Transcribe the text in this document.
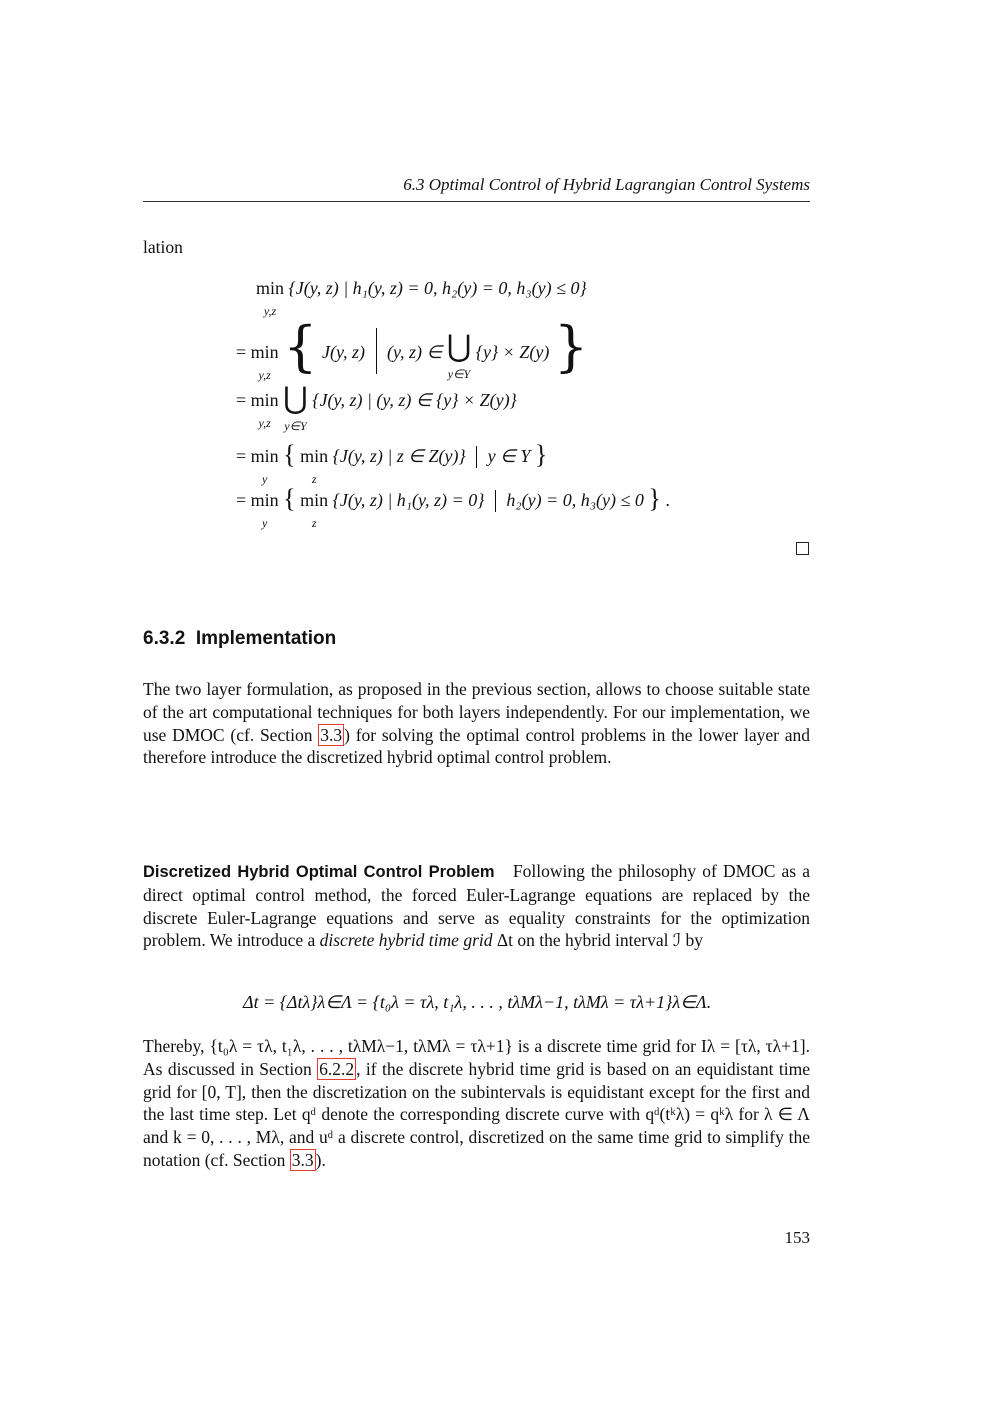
6.3 Optimal Control of Hybrid Lagrangian Control Systems
lation
min
y,z {J(y, z) | h₁(y, z) = 0, h₂(y) = 0, h₃(y) ≤ 0}
= min
y,z { J(y, z) (y, z) ∈ ⋃
y∈Y {y} × Z(y) }
= min
y,z ⋃
y∈Y {J(y, z) | (y, z) ∈ {y} × Z(y)}
= min
y { min
z {J(y, z) | z ∈ Z(y)} y ∈ Y }
= min
y { min
z {J(y, z) | h₁(y, z) = 0} h₂(y) = 0, h₃(y) ≤ 0 } .
6.3.2 Implementation
The two layer formulation, as proposed in the previous section, allows to choose suitable state of the art computational techniques for both layers independently. For our implementation, we use DMOC (cf. Section 3.3 ) for solving the optimal control problems in the lower layer and therefore introduce the discretized hybrid optimal control problem.
Discretized Hybrid Optimal Control Problem Following the philosophy of DMOC as a direct optimal control method, the forced Euler-Lagrange equations are replaced by the discrete Euler-Lagrange equations and serve as equality constraints for the optimization problem. We introduce a discrete hybrid time grid Δt on the hybrid interval ℐ by
Δt = {Δtλ}λ∈Λ = {t₀λ = τλ, t₁λ, . . . , tλMλ−1, tλMλ = τλ+1}λ∈Λ.
Thereby, {t₀λ = τλ, t₁λ, . . . , tλMλ−1, tλMλ = τλ+1} is a discrete time grid for Iλ = [τλ, τλ+1]. As discussed in Section 6.2.2 , if the discrete hybrid time grid is based on an equidistant time grid for [0, T], then the discretization on the subintervals is equidistant except for the first and the last time step. Let qᵈ denote the corresponding discrete curve with qᵈ(tᵏλ) = qᵏλ for λ ∈ Λ and k = 0, . . . , Mλ, and uᵈ a discrete control, discretized on the same time grid to simplify the notation (cf. Section 3.3 ).
153
